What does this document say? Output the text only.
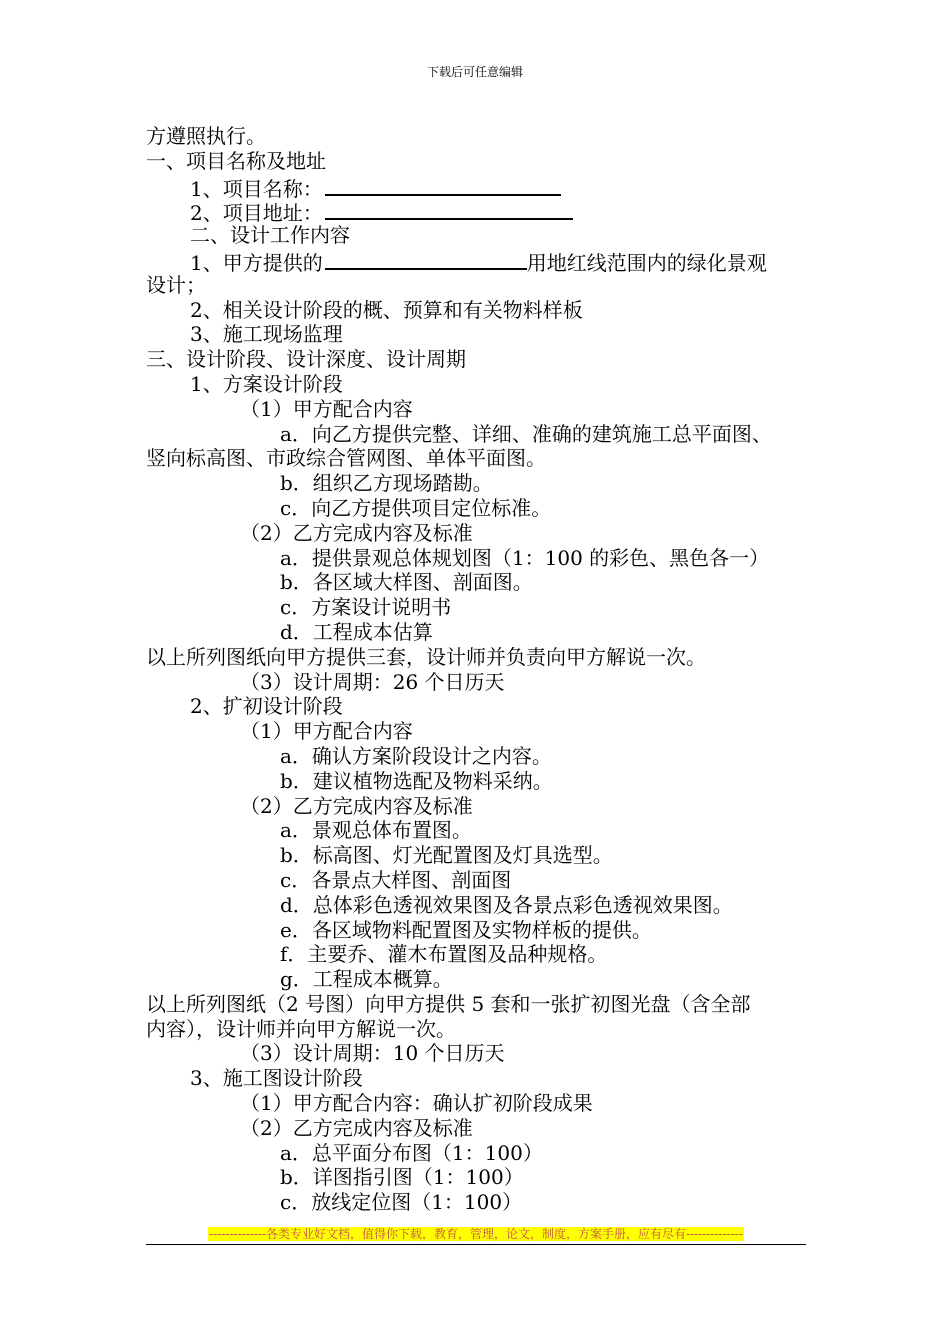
下载后可任意编辑
方遵照执行。
一、项目名称及地址
1、项目名称：
2、项目地址：
二、设计工作内容
1、甲方提供的	用地红线范围内的绿化景观
设计；
2、相关设计阶段的概、预算和有关物料样板
3、施工现场监理
三、设计阶段、设计深度、设计周期
1、方案设计阶段
（1）甲方配合内容
a．向乙方提供完整、详细、准确的建筑施工总平面图、
竖向标高图、市政综合管网图、单体平面图。
b．组织乙方现场踏勘。
c．向乙方提供项目定位标准。
（2）乙方完成内容及标准
a．提供景观总体规划图（1：100 的彩色、黑色各一）
b．各区域大样图、剖面图。
c．方案设计说明书
d．工程成本估算
以上所列图纸向甲方提供三套，设计师并负责向甲方解说一次。
（3）设计周期：26 个日历天
2、扩初设计阶段
（1）甲方配合内容
a．确认方案阶段设计之内容。
b．建议植物选配及物料采纳。
（2）乙方完成内容及标准
a．景观总体布置图。
b．标高图、灯光配置图及灯具选型。
c．各景点大样图、剖面图
d．总体彩色透视效果图及各景点彩色透视效果图。
e．各区域物料配置图及实物样板的提供。
f．主要乔、灌木布置图及品种规格。
g．工程成本概算。
以上所列图纸（2 号图）向甲方提供 5 套和一张扩初图光盘（含全部
内容），设计师并向甲方解说一次。
（3）设计周期：10 个日历天
3、施工图设计阶段
（1）甲方配合内容：确认扩初阶段成果
（2）乙方完成内容及标准
a．总平面分布图（1：100）
b．详图指引图（1：100）
c．放线定位图（1：100）
--------------各类专业好文档，值得你下载，教育，管理，论文，制度，方案手册，应有尽有--------------
